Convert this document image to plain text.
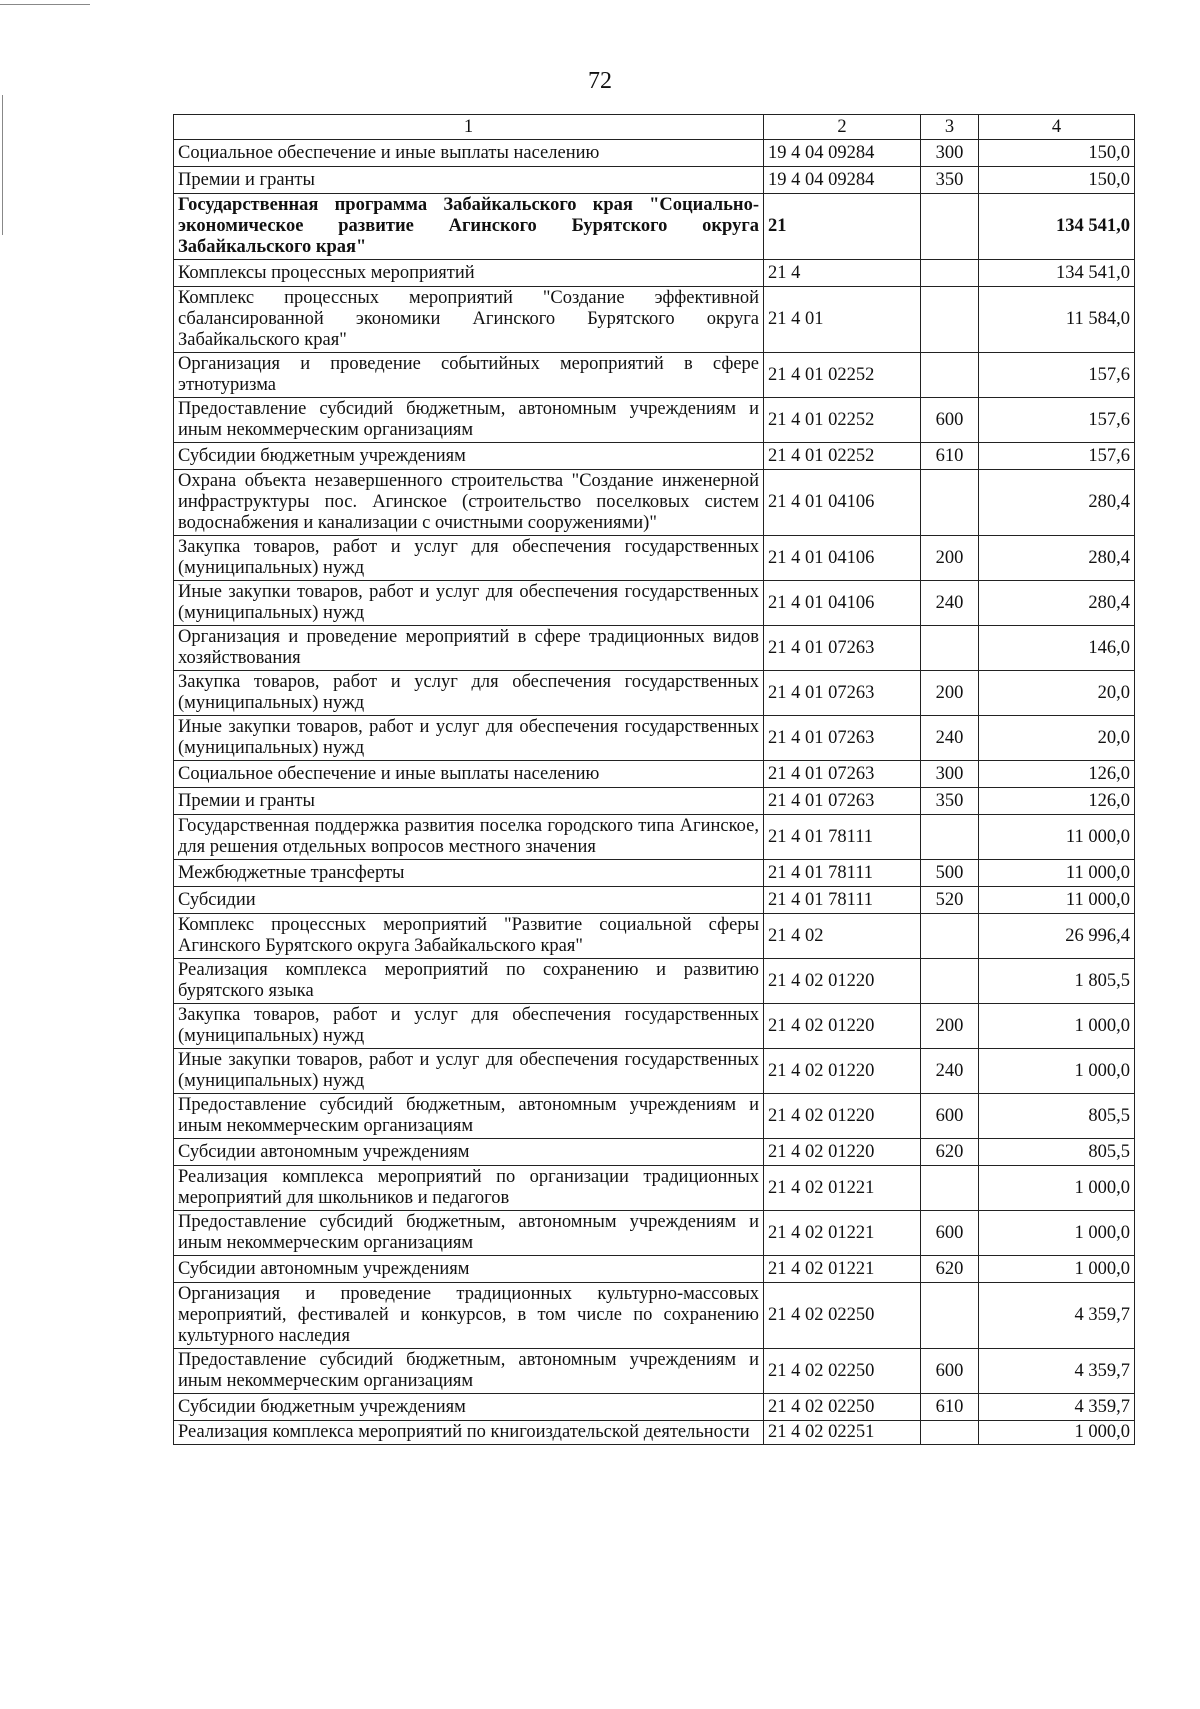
72
1	2	3	4
Социальное обеспечение и иные выплаты населению	19 4 04 09284	300	150,0
Премии и гранты	19 4 04 09284	350	150,0
Государственная программа Забайкальского края "Социально-экономическое развитие Агинского Бурятского округа Забайкальского края"	21		134 541,0
Комплексы процессных мероприятий	21 4		134 541,0
Комплекс процессных мероприятий "Создание эффективной сбалансированной экономики Агинского Бурятского округа Забайкальского края"	21 4 01		11 584,0
Организация и проведение событийных мероприятий в сфере этнотуризма	21 4 01 02252		157,6
Предоставление субсидий бюджетным, автономным учреждениям и иным некоммерческим организациям	21 4 01 02252	600	157,6
Субсидии бюджетным учреждениям	21 4 01 02252	610	157,6
Охрана объекта незавершенного строительства "Создание инженерной инфраструктуры пос. Агинское (строительство поселковых систем водоснабжения и канализации с очистными сооружениями)"	21 4 01 04106		280,4
Закупка товаров, работ и услуг для обеспечения государственных (муниципальных) нужд	21 4 01 04106	200	280,4
Иные закупки товаров, работ и услуг для обеспечения государственных (муниципальных) нужд	21 4 01 04106	240	280,4
Организация и проведение мероприятий в сфере традиционных видов хозяйствования	21 4 01 07263		146,0
Закупка товаров, работ и услуг для обеспечения государственных (муниципальных) нужд	21 4 01 07263	200	20,0
Иные закупки товаров, работ и услуг для обеспечения государственных (муниципальных) нужд	21 4 01 07263	240	20,0
Социальное обеспечение и иные выплаты населению	21 4 01 07263	300	126,0
Премии и гранты	21 4 01 07263	350	126,0
Государственная поддержка развития поселка городского типа Агинское, для решения отдельных вопросов местного значения	21 4 01 78111		11 000,0
Межбюджетные трансферты	21 4 01 78111	500	11 000,0
Субсидии	21 4 01 78111	520	11 000,0
Комплекс процессных мероприятий "Развитие социальной сферы Агинского Бурятского округа Забайкальского края"	21 4 02		26 996,4
Реализация комплекса мероприятий по сохранению и развитию бурятского языка	21 4 02 01220		1 805,5
Закупка товаров, работ и услуг для обеспечения государственных (муниципальных) нужд	21 4 02 01220	200	1 000,0
Иные закупки товаров, работ и услуг для обеспечения государственных (муниципальных) нужд	21 4 02 01220	240	1 000,0
Предоставление субсидий бюджетным, автономным учреждениям и иным некоммерческим организациям	21 4 02 01220	600	805,5
Субсидии автономным учреждениям	21 4 02 01220	620	805,5
Реализация комплекса мероприятий по организации традиционных мероприятий для школьников и педагогов	21 4 02 01221		1 000,0
Предоставление субсидий бюджетным, автономным учреждениям и иным некоммерческим организациям	21 4 02 01221	600	1 000,0
Субсидии автономным учреждениям	21 4 02 01221	620	1 000,0
Организация и проведение традиционных культурно-массовых мероприятий, фестивалей и конкурсов, в том числе по сохранению культурного наследия	21 4 02 02250		4 359,7
Предоставление субсидий бюджетным, автономным учреждениям и иным некоммерческим организациям	21 4 02 02250	600	4 359,7
Субсидии бюджетным учреждениям	21 4 02 02250	610	4 359,7
Реализация комплекса мероприятий по книгоиздательской деятельности	21 4 02 02251		1 000,0
